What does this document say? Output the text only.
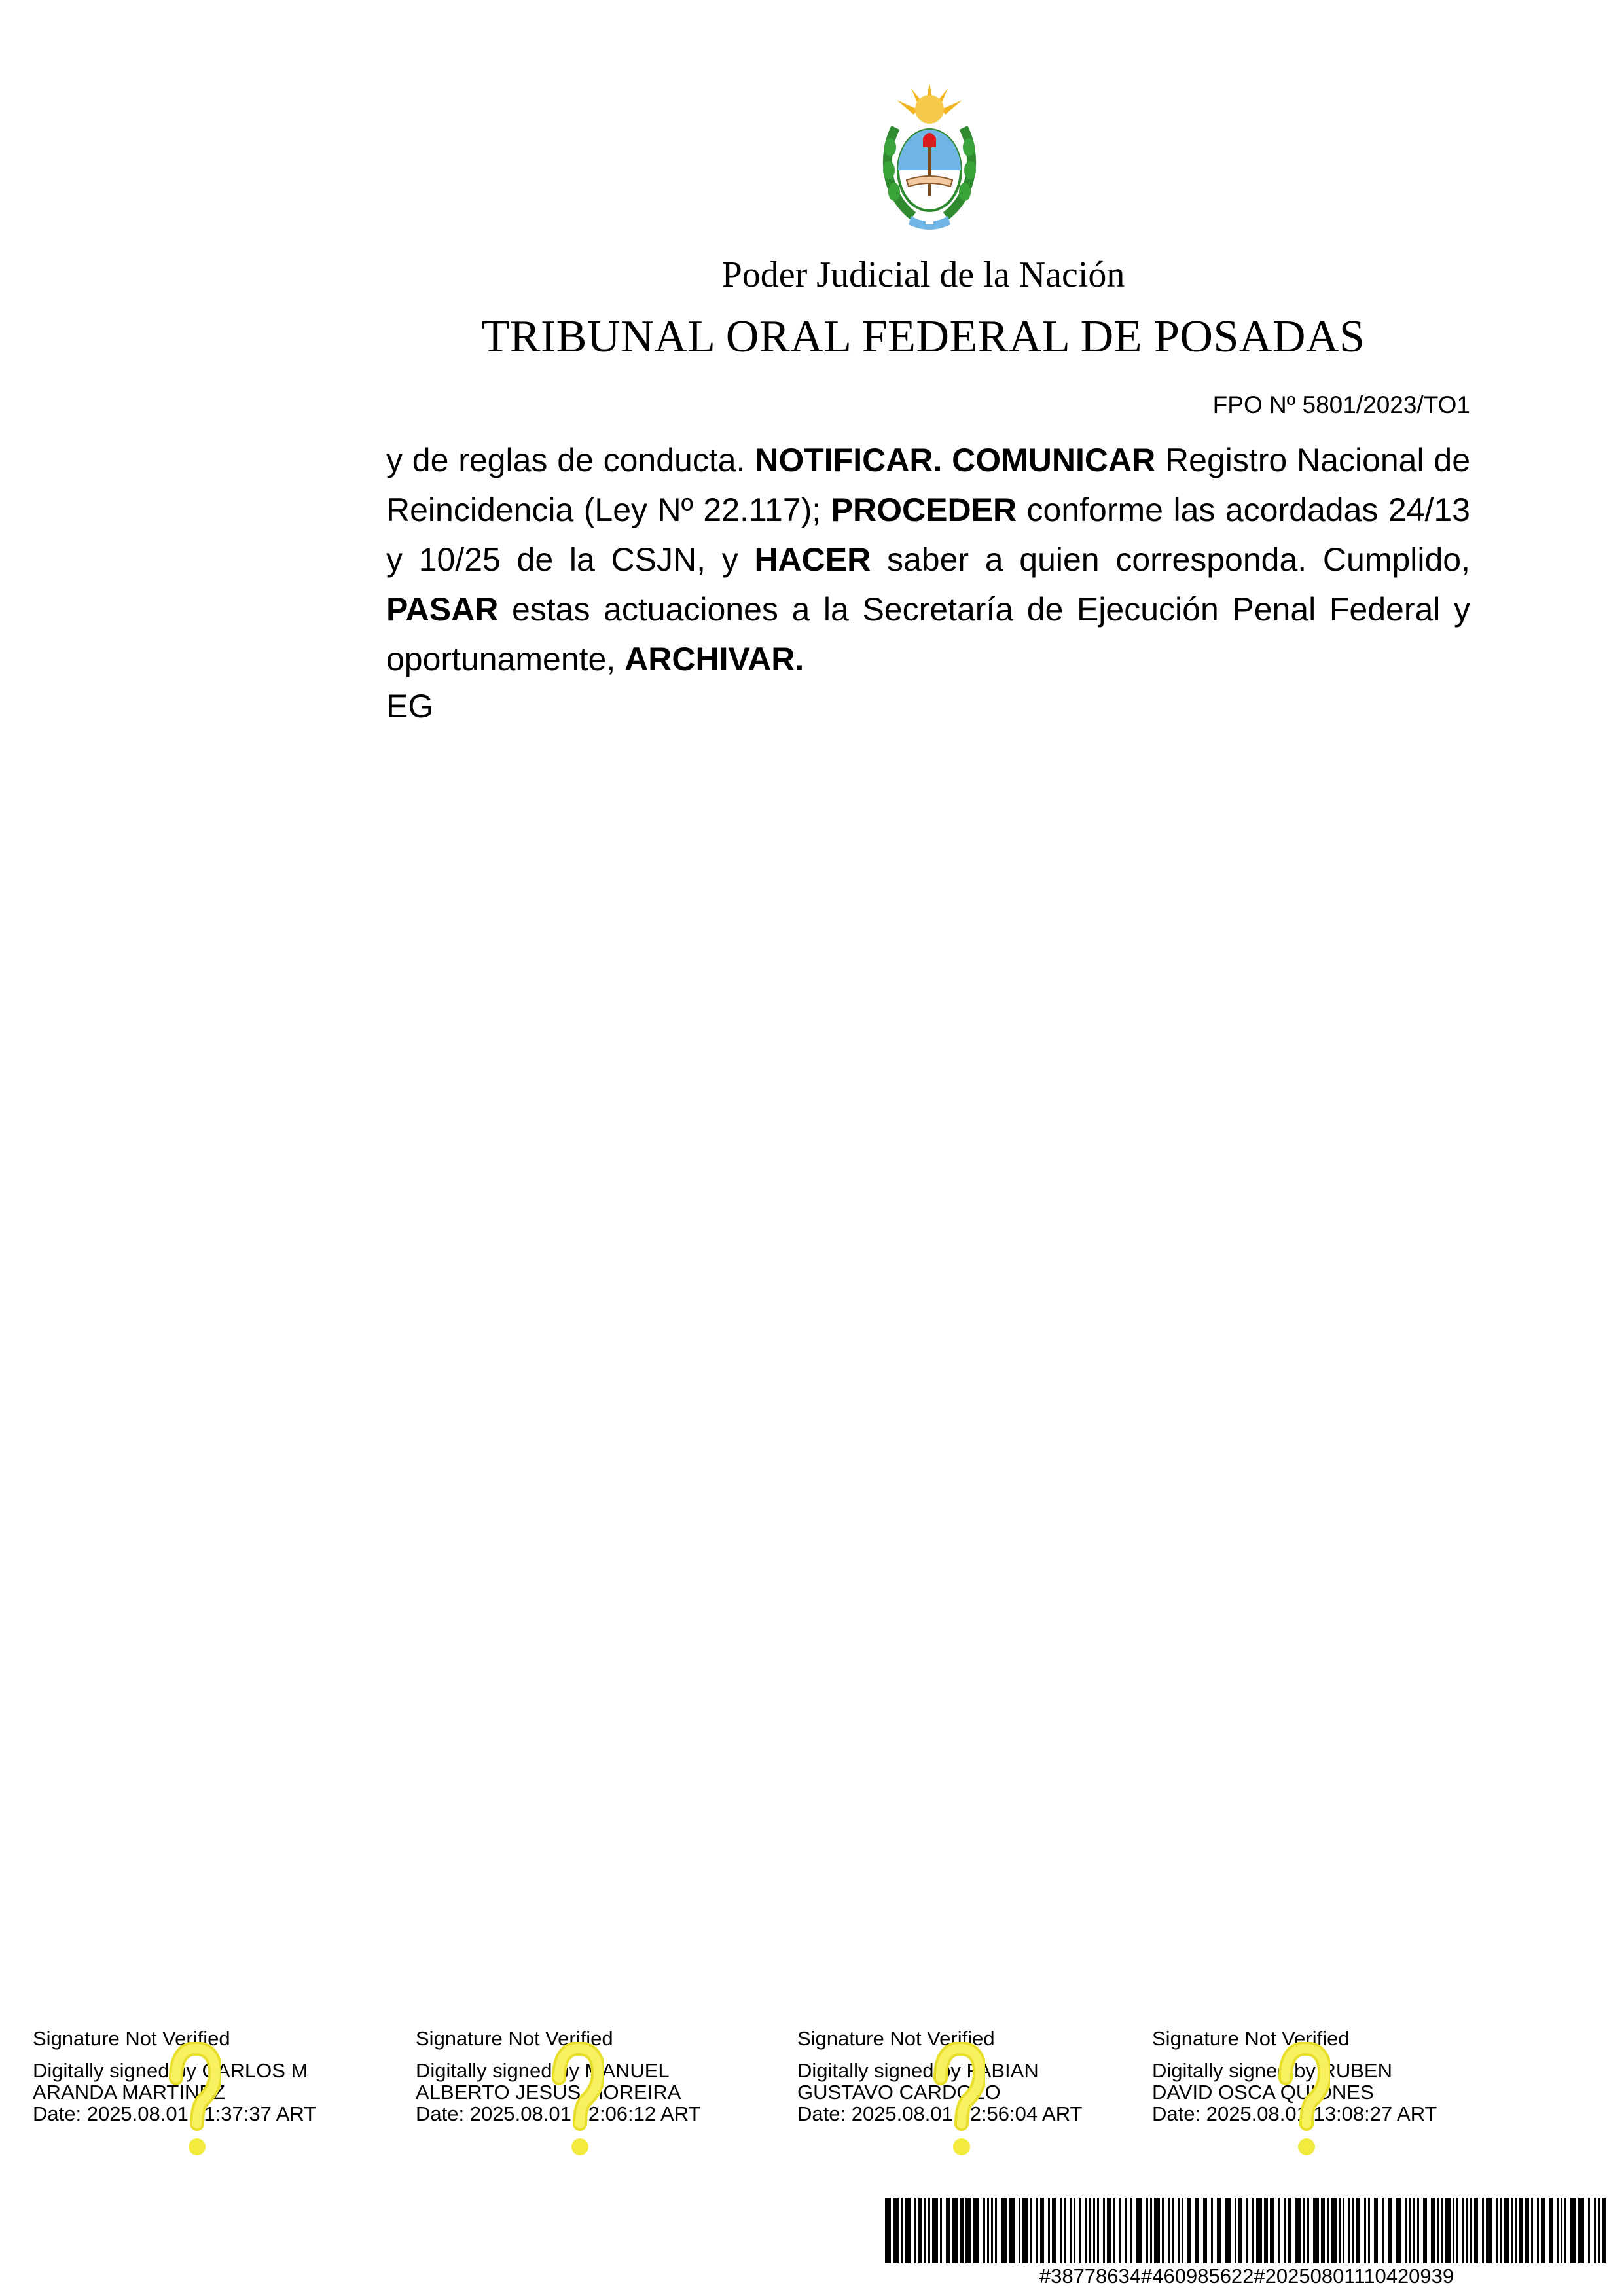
Poder Judicial de la Nación
TRIBUNAL ORAL FEDERAL DE POSADAS
FPO Nº 5801/2023/TO1
y de reglas de conducta. NOTIFICAR. COMUNICAR Registro Nacional de Reincidencia (Ley Nº 22.117); PROCEDER conforme las acordadas 24/13 y 10/25 de la CSJN, y HACER saber a quien corresponda. Cumplido, PASAR estas actuaciones a la Secretaría de Ejecución Penal Federal y oportunamente, ARCHIVAR.
EG
Signature Not Verified
Digitally signed by CARLOS M
ARANDA MARTINEZ
Date: 2025.08.01 11:37:37 ART
Signature Not Verified
Digitally signed by MANUEL
ALBERTO JESUS MOREIRA
Date: 2025.08.01 12:06:12 ART
Signature Not Verified
Digitally signed by FABIAN
GUSTAVO CARDOZO
Date: 2025.08.01 12:56:04 ART
Signature Not Verified
Digitally signed by RUBEN
DAVID OSCA QUIONES
Date: 2025.08.01 13:08:27 ART
#38778634#460985622#20250801110420939
